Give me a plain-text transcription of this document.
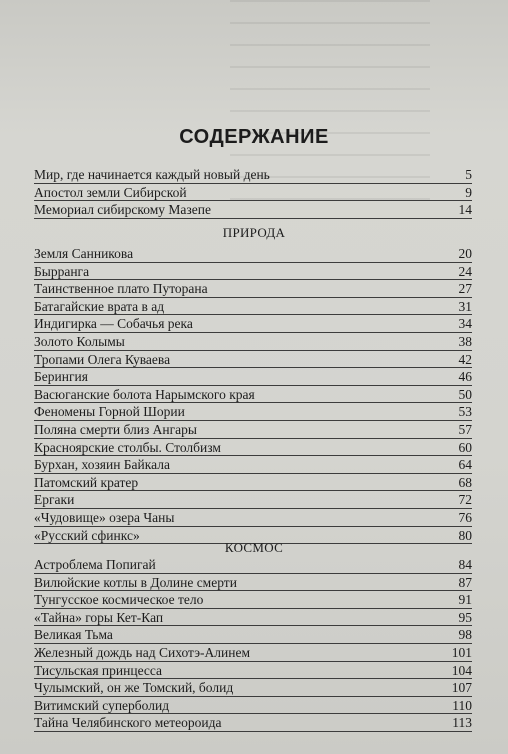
СОДЕРЖАНИЕ
Мир, где начинается каждый новый день	5
Апостол земли Сибирской	9
Мемориал сибирскому Мазепе	14
ПРИРОДА
Земля Санникова	20
Бырранга	24
Таинственное плато Путорана	27
Батагайские врата в ад	31
Индигирка — Собачья река	34
Золото Колымы	38
Тропами Олега Куваева	42
Берингия	46
Васюганские болота Нарымского края	50
Феномены Горной Шории	53
Поляна смерти близ Ангары	57
Красноярские столбы. Столбизм	60
Бурхан, хозяин Байкала	64
Патомский кратер	68
Ергаки	72
«Чудовище» озера Чаны	76
«Русский сфинкс»	80
КОСМОС
Астроблема Попигай	84
Вилюйские котлы в Долине смерти	87
Тунгусское космическое тело	91
«Тайна» горы Кет-Кап	95
Великая Тьма	98
Железный дождь над Сихотэ-Алинем	101
Тисульская принцесса	104
Чулымский, он же Томский, болид	107
Витимский суперболид	110
Тайна Челябинского метеороида	113
